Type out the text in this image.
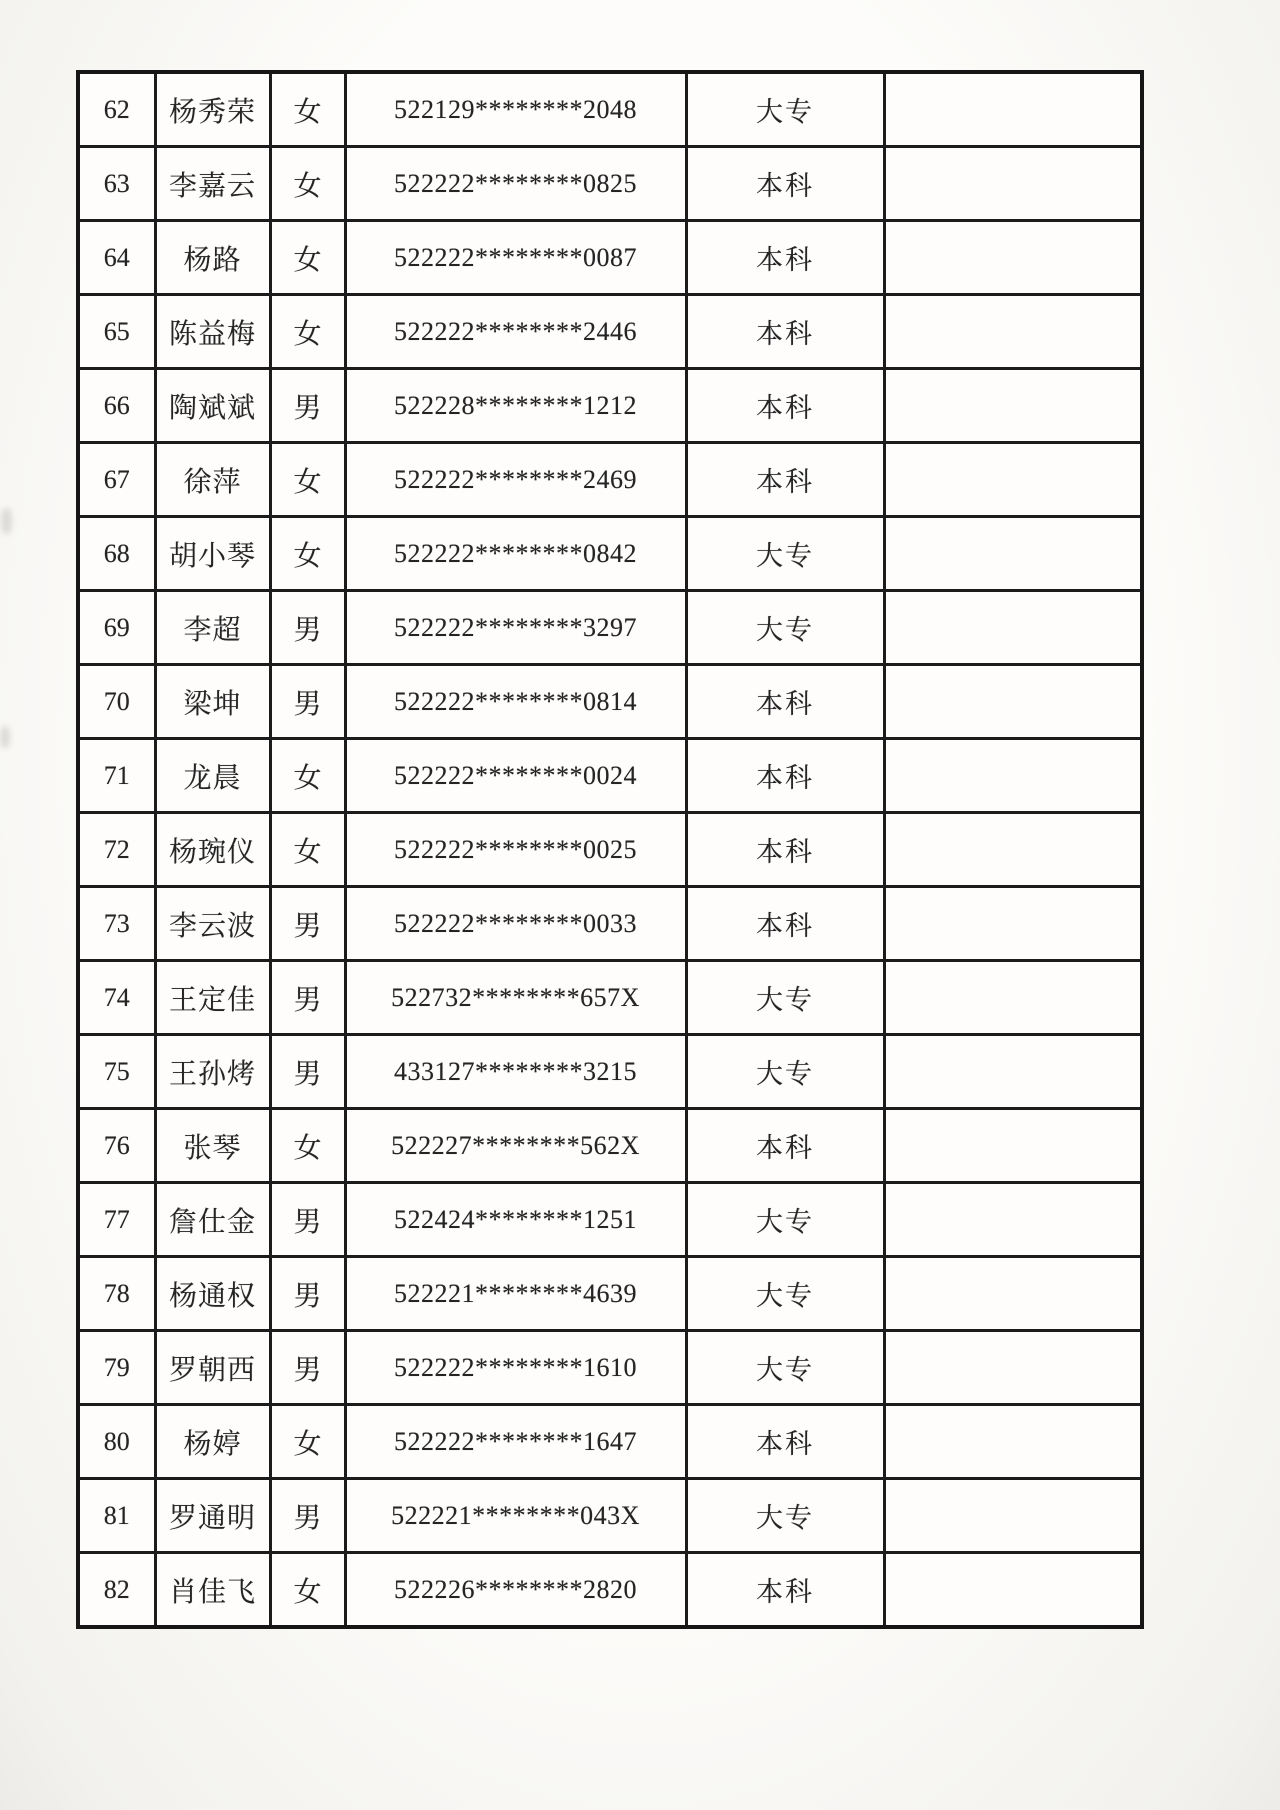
62	杨秀荣	女	522129********2048	大专	
63	李嘉云	女	522222********0825	本科	
64	杨路	女	522222********0087	本科	
65	陈益梅	女	522222********2446	本科	
66	陶斌斌	男	522228********1212	本科	
67	徐萍	女	522222********2469	本科	
68	胡小琴	女	522222********0842	大专	
69	李超	男	522222********3297	大专	
70	梁坤	男	522222********0814	本科	
71	龙晨	女	522222********0024	本科	
72	杨琬仪	女	522222********0025	本科	
73	李云波	男	522222********0033	本科	
74	王定佳	男	522732********657X	大专	
75	王孙烤	男	433127********3215	大专	
76	张琴	女	522227********562X	本科	
77	詹仕金	男	522424********1251	大专	
78	杨通权	男	522221********4639	大专	
79	罗朝西	男	522222********1610	大专	
80	杨婷	女	522222********1647	本科	
81	罗通明	男	522221********043X	大专	
82	肖佳飞	女	522226********2820	本科	
